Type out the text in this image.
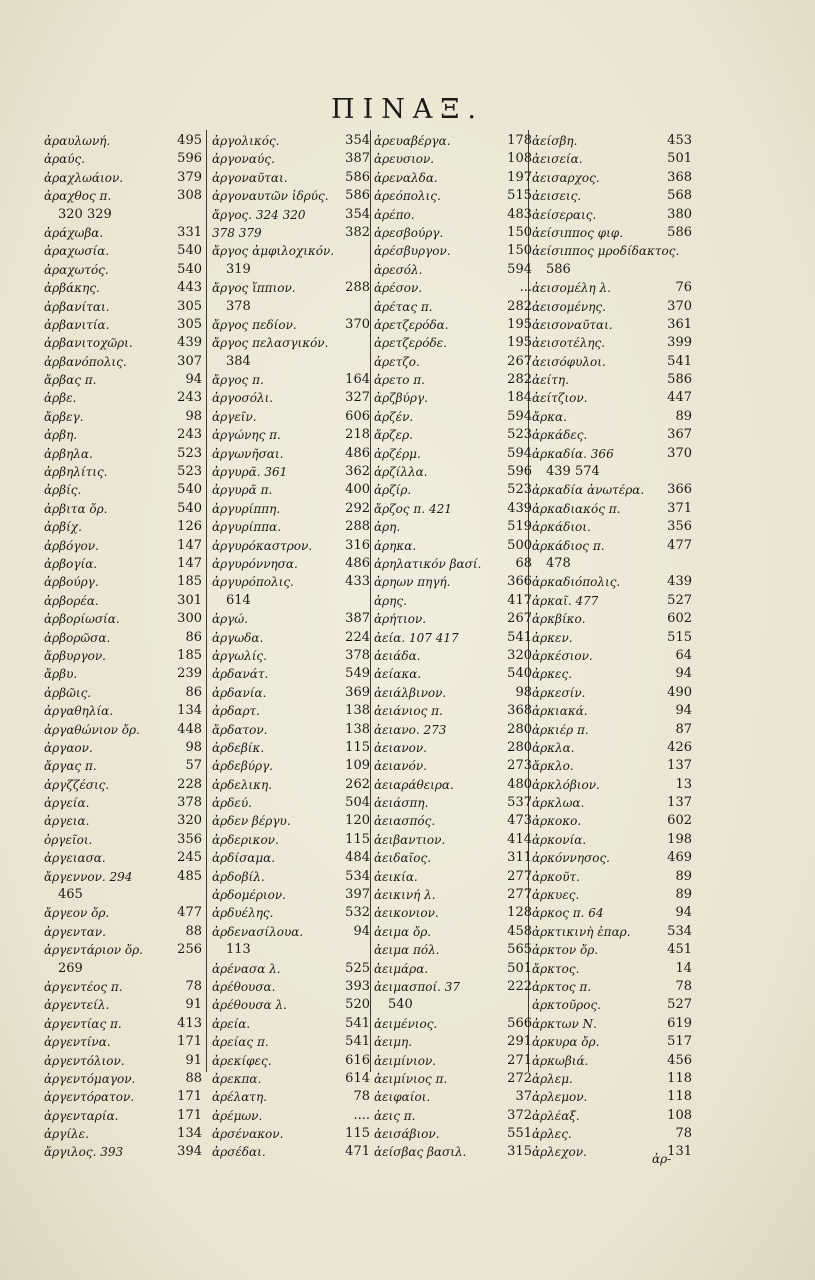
ΠΙΝΑΞ.
ἀραυλωνή.	495
ἀραύς.	596
ἀραχλωάιον.	379
ἀραχθος π.	308
320 329
ἀράχωβα.	331
ἀραχωσία.	540
ἀραχωτός.	540
ἀρβάκης.	443
ἀρβανίται.	305
ἀρβανιτία.	305
ἀρβανιτοχῶρι.	439
ἀρβανόπολις.	307
ἄρβας π.	94
ἀρβε.	243
ἄρβεγ.	98
ἀρβη.	243
ἀρβηλα.	523
ἀρβηλίτις.	523
ἀρβίς.	540
ἀρβιτα ὄρ.	540
ἀρβίχ.	126
ἀρβόγον.	147
ἀρβογία.	147
ἀρβούργ.	185
ἀρβορέα.	301
ἀρβορίωσία.	300
ἀρβορῶσα.	86
ἄρβυργον.	185
ἄρβυ.	239
ἀρβῶις.	86
ἀργαθηλία.	134
ἀργαθώνιον ὄρ.	448
ἀργαον.	98
ἄργας π.	57
ἀργζζέσις.	228
ἀργεία.	378
ἀργεια.	320
ὀργεῖοι.	356
ἀργειασα.	245
ἄργεννον. 294	485
465
ἄργεον ὄρ.	477
ἀργενταν.	88
ἀργεντάριον ὄρ.	256
269
ἀργεντέος π.	78
ἀργεντείλ.	91
ἀργεντίας π.	413
ἀργεντίνα.	171
ἀργεντόλιον.	91
ἀργεντόμαγον.	88
ἀργεντόρατον.	171
ἀργενταρία.	171
ἀργίλε.	134
ἄργιλος. 393	394
ἀργολικός.	354
ἀργοναύς.	387
ἀργοναῦται.	586
ἀργοναυτῶν ἱδρύς.	586
ἄργος. 324 320	354
378 379	382
ἄργος ἀμφιλοχικόν.
319
ἄργος ἵππιον.	288
378
ἄργος πεδίον.	370
ἄργος πελασγικόν.
384
ἄργος π.	164
ἀργοσόλι.	327
ἀργεῖν.	606
ἀργώνης π.	218
ἀργωνῆσαι.	486
ἀργυρᾶ. 361	362
ἀργυρᾶ π.	400
ἀργυρίππη.	292
ἀργυρίππα.	288
ἀργυρόκαστρον.	316
ἀργυρόννησα.	486
ἀργυρόπολις.	433
614
ἀργώ.	387
ἀργωδα.	224
ἀργωλίς.	378
ἀρδανάτ.	549
ἀρδανία.	369
ἀρδαρτ.	138
ἄρδατον.	138
ἀρδεβίκ.	115
ἀρδεβύργ.	109
ἀρδελικη.	262
ἀρδεύ.	504
ἀρδεν βέργυ.	120
ἀρδερικον.	115
ἀρδίσαμα.	484
ἀρδοβίλ.	534
ἀρδομέριον.	397
ἀρδυέλης.	532
ἀρδενασίλουα.	94
113
ἀρένασα λ.	525
ἀρέθουσα.	393
ἀρέθουσα λ.	520
ἀρεία.	541
ἀρείας π.	541
ἀρεκίφες.	616
ἀρεκπα.	614
ἀρέλατη.	78
ἀρέμων.	....
ἀρσένακον.	115
ἀρσέδαι.	471
ἀρευαβέργα.	178
ἀρευσιον.	108
ἀρεναλδα.	197
ἀρεόπολις.	515
ἀρέπο.	483
ἀρεσβούργ.	150
ἀρέσβυργον.	150
ἀρεσόλ.	594
ἀρέσον.	...
ἀρέτας π.	282
ἀρετζερόδα.	195
ἀρετζερόδε.	195
ἀρετζο.	267
ἀρετο π.	282
ἀρζβύργ.	184
ἀρζέν.	594
ἄρζερ.	523
ἀρζέρμ.	594
ἀρζίλλα.	596
ἀρζίρ.	523
ἄρζος π. 421	439
ἀρη.	519
ἀρηκα.	500
ἀρηλατικόν βασί.	68
ἀρηων πηγή.	366
ἀρης.	417
ἀρήτιον.	267
ἀεία. 107 417	541
ἀειάδα.	320
ἀείακα.	540
ἀειάλβινον.	98
ἀειάνιος π.	368
ἀειανο. 273	280
ἀειανον.	280
ἀειανόν.	273
ἀειαράθειρα.	480
ἀειάσπη.	537
ἀειασπός.	473
ἀειβαντιον.	414
ἀειδαῖος.	311
ἀεικία.	277
ἀεικινή λ.	277
ἀεικονιον.	128
ἀειμα ὄρ.	458
ἀειμα πόλ.	565
ἀειμάρα.	501
ἀειμασποί. 37	222
540
ἀειμένιος.	566
ἀειμη.	291
ἀειμίνιον.	271
ἀειμίνιος π.	272
ἀειφαίοι.	37
ἀεις π.	372
ἀεισάβιον.	551
ἀείσβας βασιλ.	315
ἀείσβη.	453
ἀεισεία.	501
ἀεισαρχος.	368
ἀεισεις.	568
ἀείσεραις.	380
ἀείσιππος φιφ.	586
ἀείσιππος μροδίδακτος.
586
ἀεισομέλη λ.	76
ἀεισομένης.	370
ἀεισοναῦται.	361
ἀεισοτέλης.	399
ἀεισόφυλοι.	541
ἀείτη.	586
ἀείτζιον.	447
ἄρκα.	89
ἀρκάδες.	367
ἀρκαδία. 366	370
439 574
ἀρκαδία ἀνωτέρα.	366
ἀρκαδιακός π.	371
ἀρκάδιοι.	356
ἀρκάδιος π.	477
478
ἀρκαδιόπολις.	439
ἀρκαῖ. 477	527
ἀρκβίκο.	602
ἀρκεν.	515
ἀρκέσιον.	64
ἀρκες.	94
ἀρκεσίν.	490
ἀρκιακά.	94
ἀρκιέρ π.	87
ἀρκλα.	426
ἄρκλο.	137
ἀρκλόβιον.	13
ἀρκλωα.	137
ἀρκοκο.	602
ἀρκονία.	198
ἀρκόννησος.	469
ἀρκοῦτ.	89
ἀρκυες.	89
ἀρκος π. 64	94
ἀρκτικινὴ ἐπαρ.	534
ἀρκτον ὄρ.	451
ἄρκτος.	14
ἀρκτος π.	78
ἀρκτοῦρος.	527
ἀρκτων Ν.	619
ἀρκυρα ὄρ.	517
ἀρκωβιά.	456
ἀρλεμ.	118
ἀρλεμον.	118
ἀρλέαξ.	108
ἀρλες.	78
ἀρλεχον.	131
ἀρ-
